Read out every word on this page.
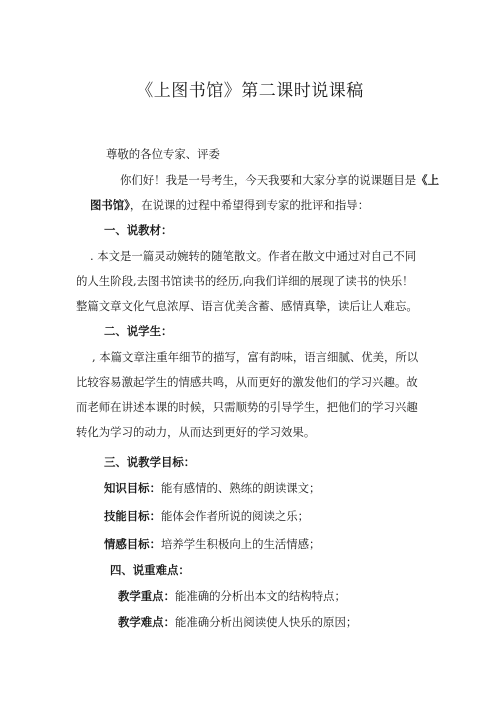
《上图书馆》第二课时说课稿
尊敬的各位专家、评委
你们好！我是一号考生，今天我要和大家分享的说课题目是《上
图书馆》，在说课的过程中希望得到专家的批评和指导：
一、说教材：
. 本文是一篇灵动婉转的随笔散文。作者在散文中通过对自己不同
的人生阶段,去图书馆读书的经历,向我们详细的展现了读书的快乐！
整篇文章文化气息浓厚、语言优美含蓄、感情真挚，读后让人难忘。
二、说学生：
, 本篇文章注重年细节的描写，富有韵味，语言细腻、优美，所以
比较容易激起学生的情感共鸣，从而更好的激发他们的学习兴趣。故
而老师在讲述本课的时候，只需顺势的引导学生，把他们的学习兴趣
转化为学习的动力，从而达到更好的学习效果。
三、说教学目标：
知识目标：能有感情的、熟练的朗读课文；
技能目标：能体会作者所说的阅读之乐；
情感目标：培养学生积极向上的生活情感；
四、说重难点：
教学重点：能准确的分析出本文的结构特点；
教学难点：能准确分析出阅读使人快乐的原因；
